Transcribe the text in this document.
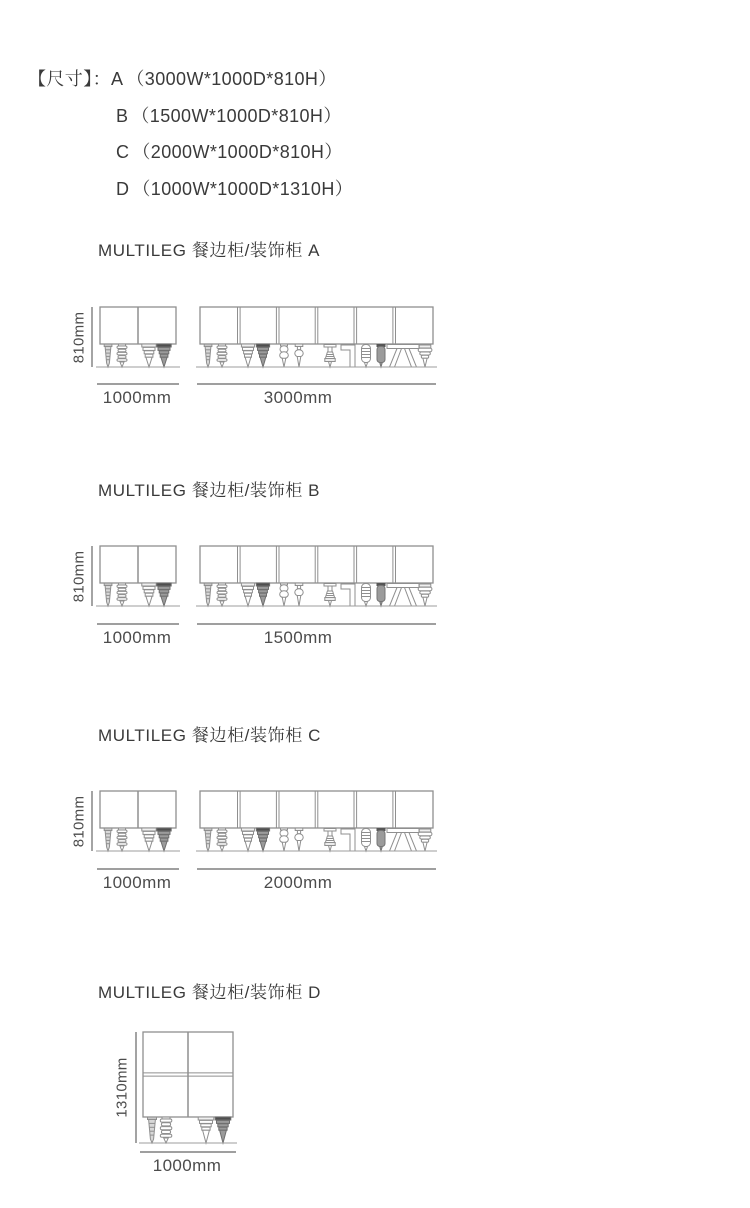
【尺寸】：A （3000W*1000D*810H）
B （1500W*1000D*810H）
C （2000W*1000D*810H）
D （1000W*1000D*1310H）
MULTILEG 餐边柜/装饰柜 A
MULTILEG 餐边柜/装饰柜 B
MULTILEG 餐边柜/装饰柜 C
MULTILEG 餐边柜/装饰柜 D
810mm
810mm
810mm
1310mm
1000mm	3000mm
1000mm	1500mm
1000mm	2000mm
1000mm
